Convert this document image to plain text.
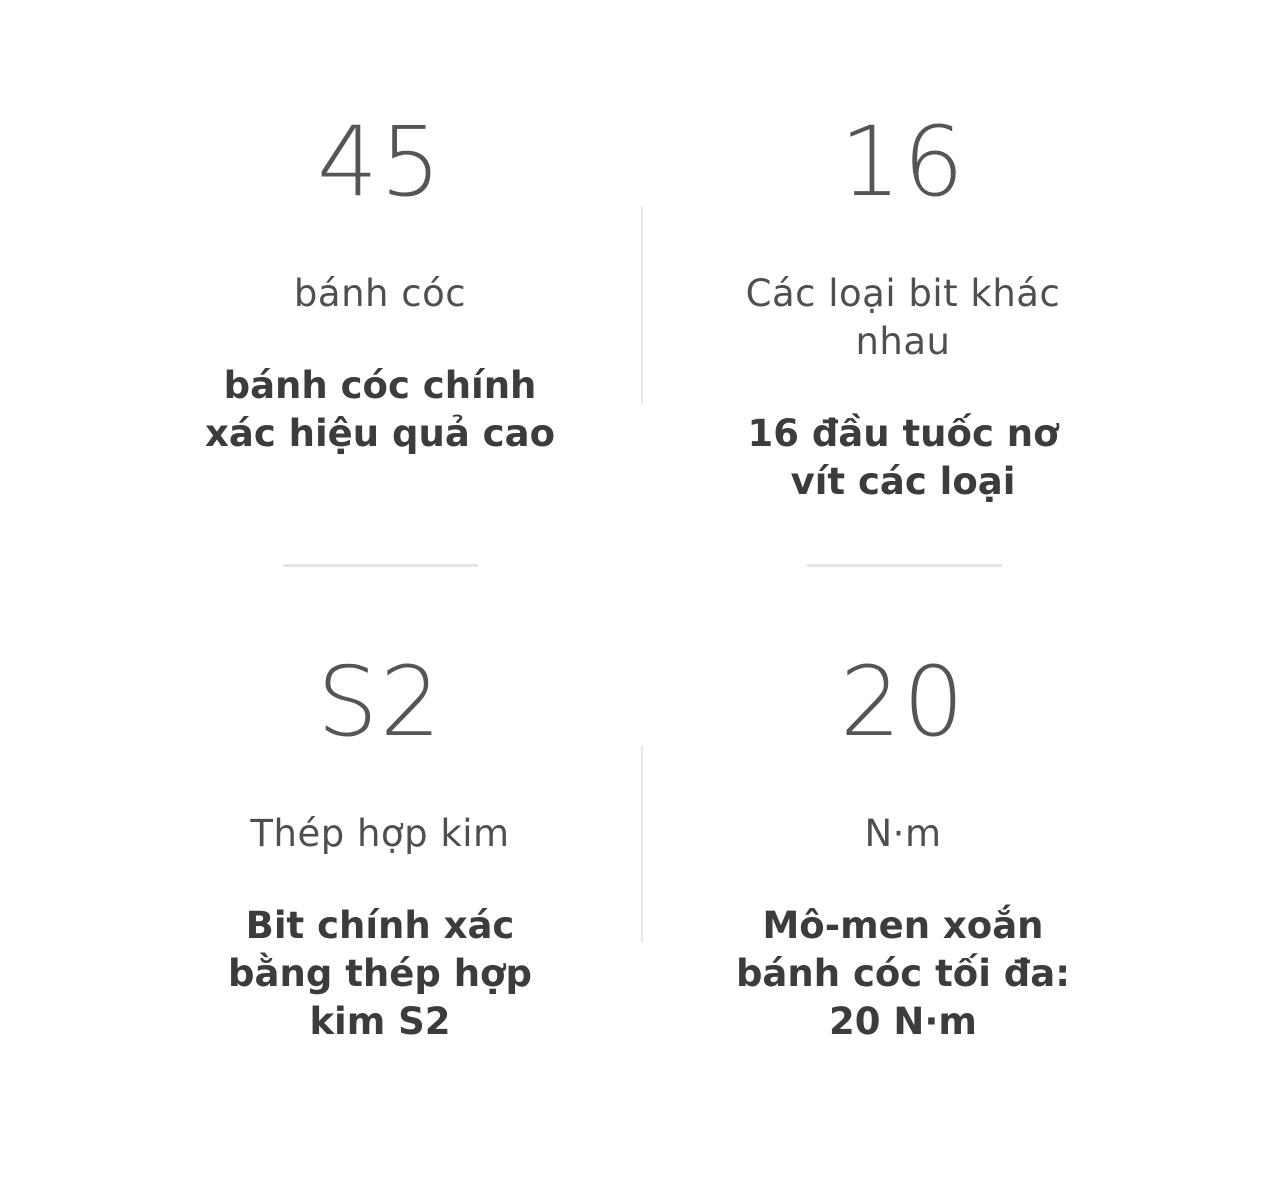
45
bánh cóc
bánh cóc chính
xác hiệu quả cao
16
Các loại bit khác
nhau
16 đầu tuốc nơ
vít các loại
S2
Thép hợp kim
Bit chính xác
bằng thép hợp
kim S2
20
N·m
Mô-men xoắn
bánh cóc tối đa:
20 N·m
